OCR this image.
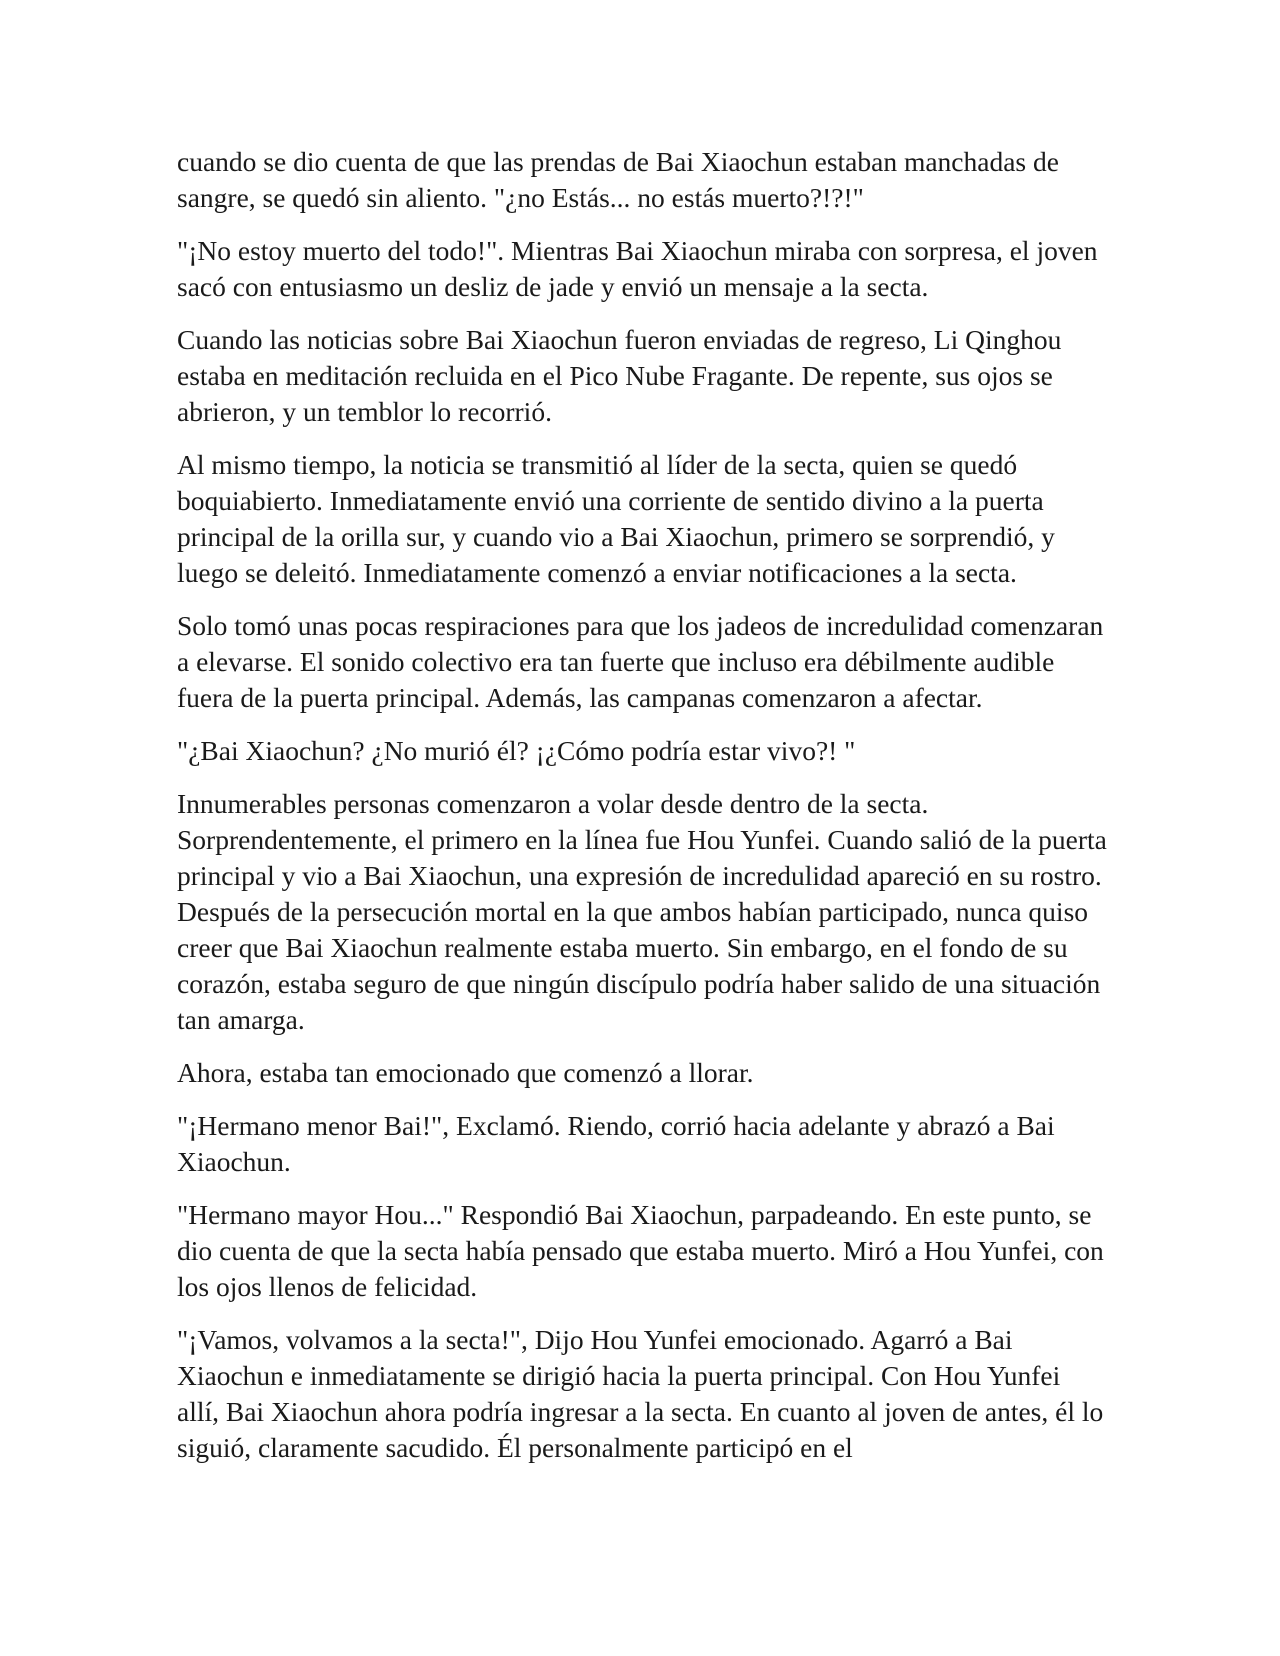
cuando se dio cuenta de que las prendas de Bai Xiaochun estaban manchadas de sangre, se quedó sin aliento. "¿no Estás... no estás muerto?!?!"

"¡No estoy muerto del todo!". Mientras Bai Xiaochun miraba con sorpresa, el joven sacó con entusiasmo un desliz de jade y envió un mensaje a la secta.

Cuando las noticias sobre Bai Xiaochun fueron enviadas de regreso, Li Qinghou estaba en meditación recluida en el Pico Nube Fragante. De repente, sus ojos se abrieron, y un temblor lo recorrió.

Al mismo tiempo, la noticia se transmitió al líder de la secta, quien se quedó boquiabierto. Inmediatamente envió una corriente de sentido divino a la puerta principal de la orilla sur, y cuando vio a Bai Xiaochun, primero se sorprendió, y luego se deleitó. Inmediatamente comenzó a enviar notificaciones a la secta.

Solo tomó unas pocas respiraciones para que los jadeos de incredulidad comenzaran a elevarse. El sonido colectivo era tan fuerte que incluso era débilmente audible fuera de la puerta principal. Además, las campanas comenzaron a afectar.

"¿Bai Xiaochun? ¿No murió él? ¡¿Cómo podría estar vivo?! "

Innumerables personas comenzaron a volar desde dentro de la secta. Sorprendentemente, el primero en la línea fue Hou Yunfei. Cuando salió de la puerta principal y vio a Bai Xiaochun, una expresión de incredulidad apareció en su rostro. Después de la persecución mortal en la que ambos habían participado, nunca quiso creer que Bai Xiaochun realmente estaba muerto. Sin embargo, en el fondo de su corazón, estaba seguro de que ningún discípulo podría haber salido de una situación tan amarga.

Ahora, estaba tan emocionado que comenzó a llorar.

"¡Hermano menor Bai!", Exclamó. Riendo, corrió hacia adelante y abrazó a Bai Xiaochun.

"Hermano mayor Hou..." Respondió Bai Xiaochun, parpadeando. En este punto, se dio cuenta de que la secta había pensado que estaba muerto. Miró a Hou Yunfei, con los ojos llenos de felicidad.

"¡Vamos, volvamos a la secta!", Dijo Hou Yunfei emocionado. Agarró a Bai Xiaochun e inmediatamente se dirigió hacia la puerta principal. Con Hou Yunfei allí, Bai Xiaochun ahora podría ingresar a la secta. En cuanto al joven de antes, él lo siguió, claramente sacudido. Él personalmente participó en el
